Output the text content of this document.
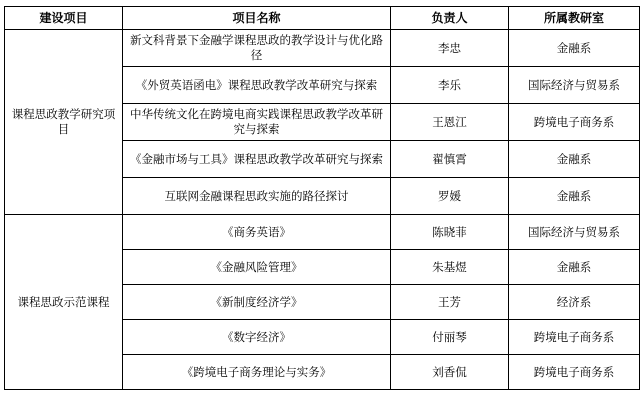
建设项目	项目名称	负责人	所属教研室
课程思政教学研究项目	新文科背景下金融学课程思政的教学设计与优化路径	李忠	金融系
	《外贸英语函电》课程思政教学改革研究与探索	李乐	国际经济与贸易系
	中华传统文化在跨境电商实践课程思政教学改革研究与探索	王恩江	跨境电子商务系
	《金融市场与工具》课程思政教学改革研究与探索	翟慎霄	金融系
	互联网金融课程思政实施的路径探讨	罗媛	金融系
课程思政示范课程	《商务英语》	陈晓菲	国际经济与贸易系
	《金融风险管理》	朱基煜	金融系
	《新制度经济学》	王芳	经济系
	《数字经济》	付丽琴	跨境电子商务系
	《跨境电子商务理论与实务》	刘香侃	跨境电子商务系
